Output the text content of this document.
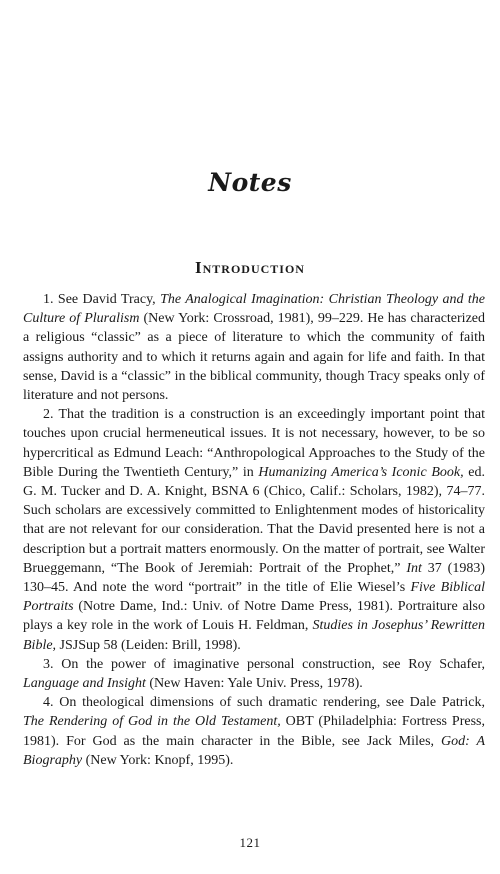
Notes
Introduction

1. See David Tracy, The Analogical Imagination: Christian Theology and the Culture of Pluralism (New York: Crossroad, 1981), 99–229. He has characterized a religious “classic” as a piece of literature to which the community of faith assigns authority and to which it returns again and again for life and faith. In that sense, David is a “classic” in the biblical community, though Tracy speaks only of literature and not persons.

2. That the tradition is a construction is an exceedingly important point that touches upon crucial hermeneutical issues. It is not necessary, however, to be so hypercritical as Edmund Leach: “Anthropological Approaches to the Study of the Bible During the Twentieth Century,” in Humanizing America’s Iconic Book, ed. G. M. Tucker and D. A. Knight, BSNA 6 (Chico, Calif.: Scholars, 1982), 74–77. Such scholars are excessively committed to Enlightenment modes of historicality that are not relevant for our consideration. That the David presented here is not a description but a portrait matters enormously. On the matter of portrait, see Walter Brueggemann, “The Book of Jeremiah: Portrait of the Prophet,” Int 37 (1983) 130–45. And note the word “portrait” in the title of Elie Wiesel’s Five Biblical Portraits (Notre Dame, Ind.: Univ. of Notre Dame Press, 1981). Portraiture also plays a key role in the work of Louis H. Feldman, Studies in Josephus’ Rewritten Bible, JSJSup 58 (Leiden: Brill, 1998).

3. On the power of imaginative personal construction, see Roy Schafer, Language and Insight (New Haven: Yale Univ. Press, 1978).

4. On theological dimensions of such dramatic rendering, see Dale Patrick, The Rendering of God in the Old Testament, OBT (Philadelphia: Fortress Press, 1981). For God as the main character in the Bible, see Jack Miles, God: A Biography (New York: Knopf, 1995).

121
